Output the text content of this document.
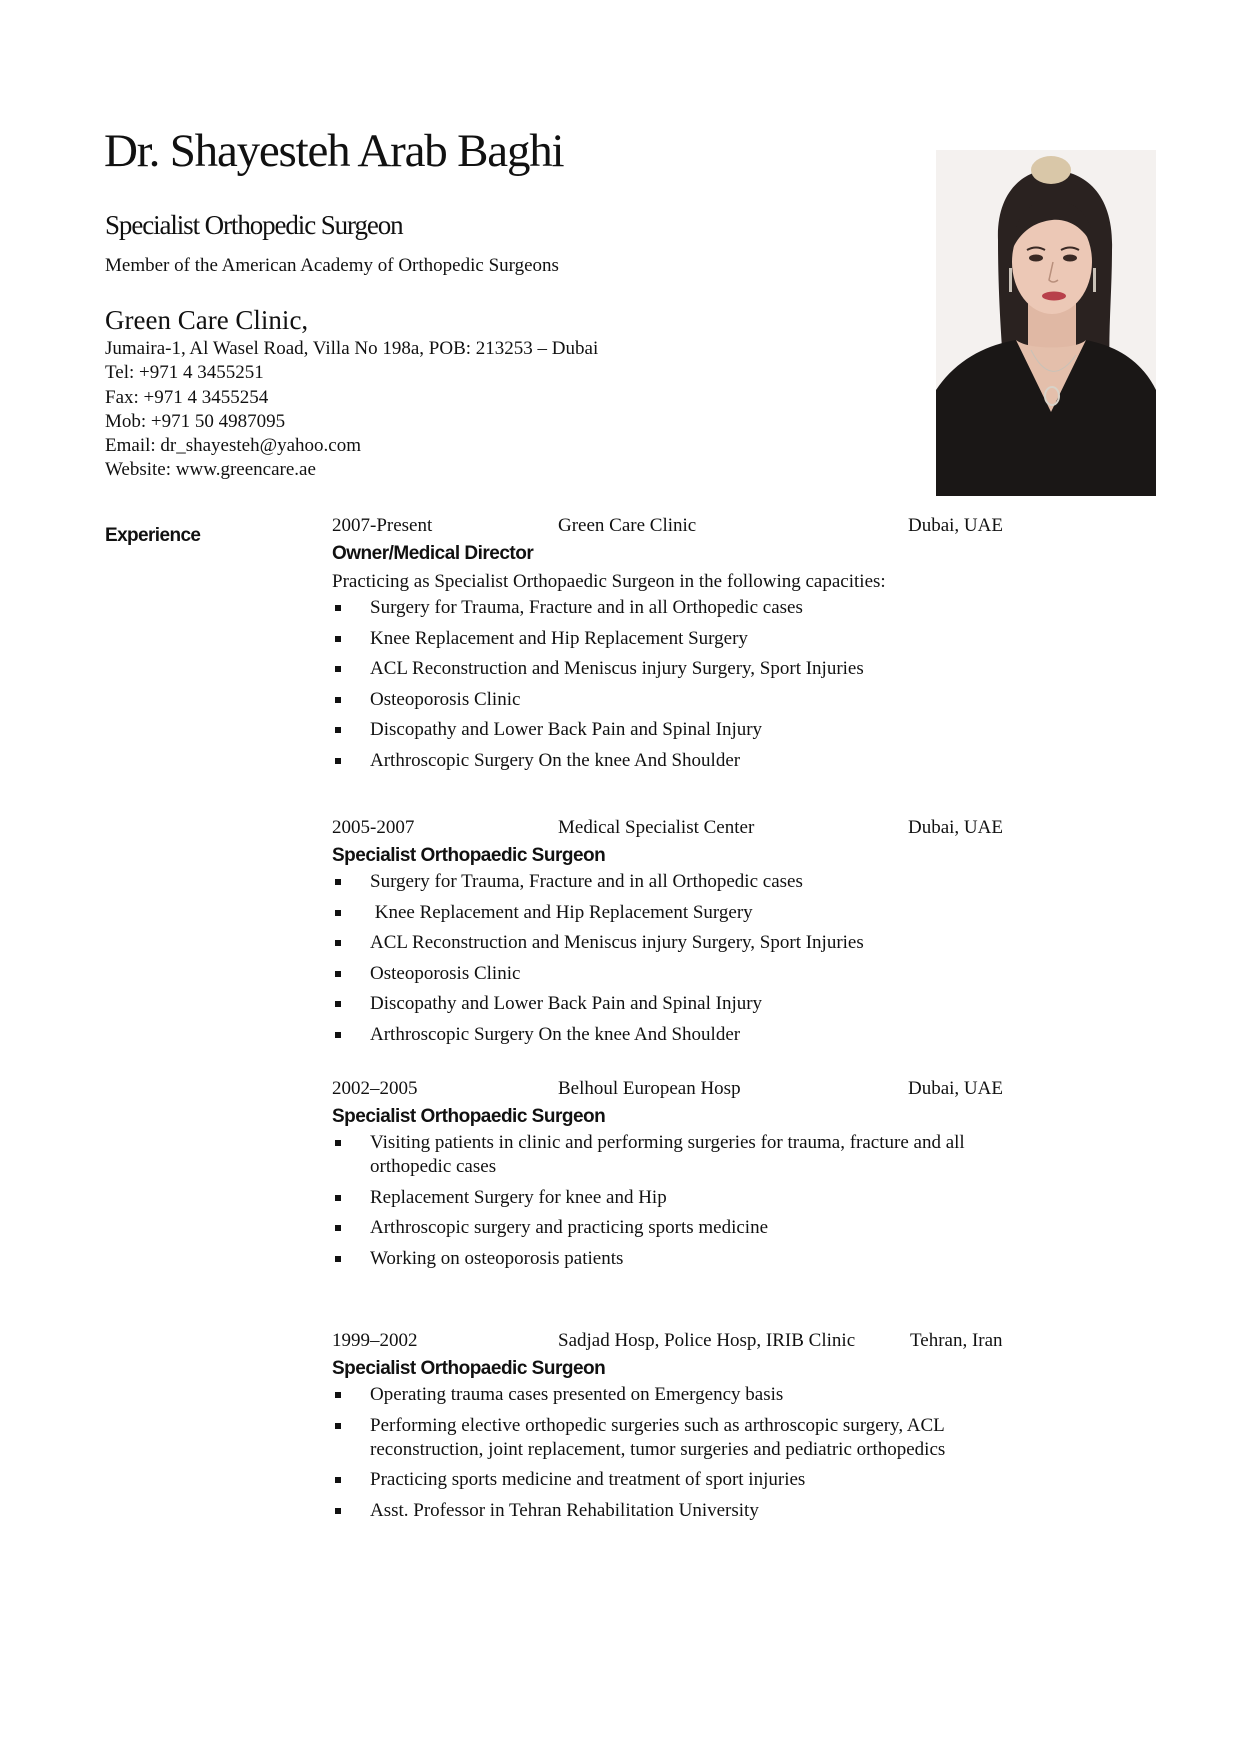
Dr. Shayesteh Arab Baghi
Specialist Orthopedic Surgeon
Member of the American Academy of Orthopedic Surgeons
Green Care Clinic,
Jumaira-1, Al Wasel Road, Villa No 198a, POB: 213253 – Dubai
Tel: +971 4 3455251
Fax: +971 4 3455254
Mob: +971 50 4987095
Email: dr_shayesteh@yahoo.com
Website: www.greencare.ae
Experience	2007-Present	Green Care Clinic	Dubai, UAE
Owner/Medical Director
Practicing as Specialist Orthopaedic Surgeon in the following capacities:
Surgery for Trauma, Fracture and in all Orthopedic cases
Knee Replacement and Hip Replacement Surgery
ACL Reconstruction and Meniscus injury Surgery, Sport Injuries
Osteoporosis Clinic
Discopathy and Lower Back Pain and Spinal Injury
Arthroscopic Surgery On the knee And Shoulder
2005-2007	Medical Specialist Center	Dubai, UAE
Specialist Orthopaedic Surgeon
Surgery for Trauma, Fracture and in all Orthopedic cases
Knee Replacement and Hip Replacement Surgery
ACL Reconstruction and Meniscus injury Surgery, Sport Injuries
Osteoporosis Clinic
Discopathy and Lower Back Pain and Spinal Injury
Arthroscopic Surgery On the knee And Shoulder
2002–2005	Belhoul European Hosp	Dubai, UAE
Specialist Orthopaedic Surgeon
Visiting patients in clinic and performing surgeries for trauma, fracture and all orthopedic cases
Replacement Surgery for knee and Hip
Arthroscopic surgery and practicing sports medicine
Working on osteoporosis patients
1999–2002	Sadjad Hosp, Police Hosp, IRIB Clinic	Tehran, Iran
Specialist Orthopaedic Surgeon
Operating trauma cases presented on Emergency basis
Performing elective orthopedic surgeries such as arthroscopic surgery, ACL reconstruction, joint replacement, tumor surgeries and pediatric orthopedics
Practicing sports medicine and treatment of sport injuries
Asst. Professor in Tehran Rehabilitation University
